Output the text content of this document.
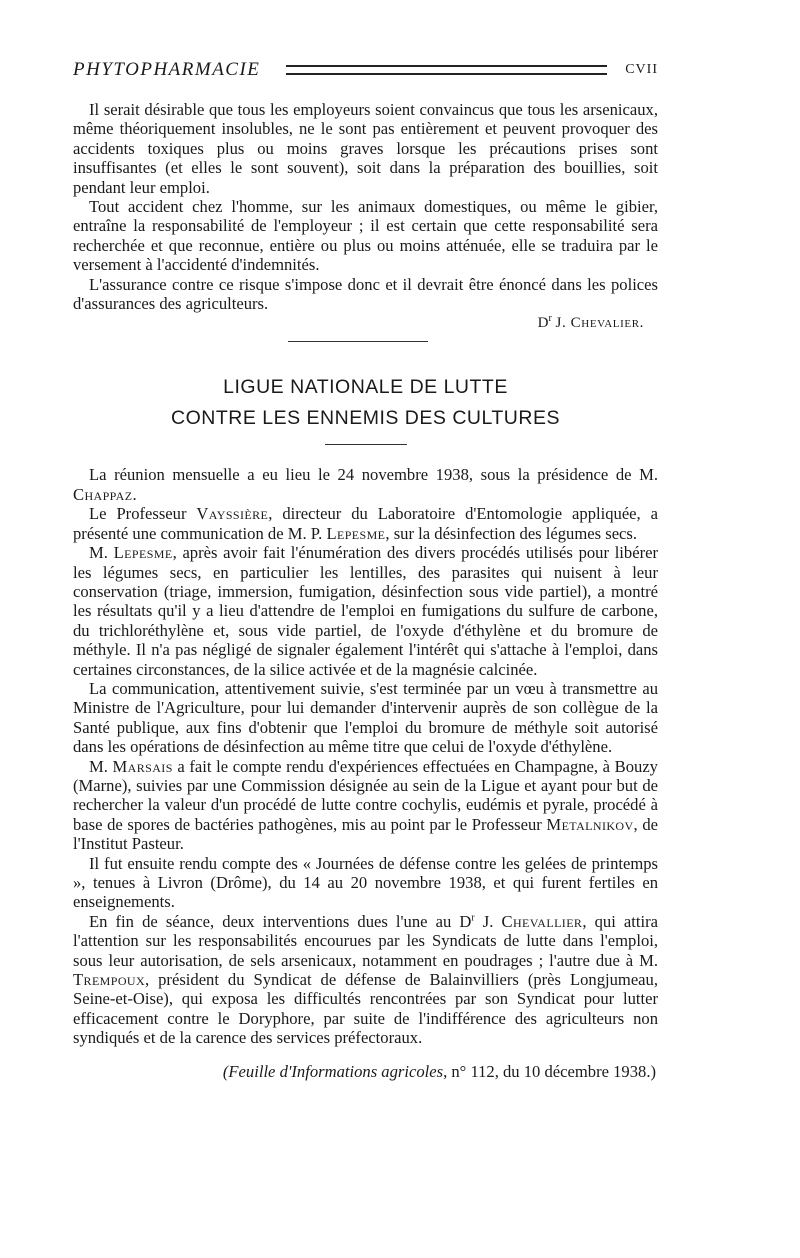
PHYTOPHARMACIE	CVII

Il serait désirable que tous les employeurs soient convaincus que tous les arsenicaux, même théoriquement insolubles, ne le sont pas entièrement et peuvent provoquer des accidents toxiques plus ou moins graves lorsque les précautions prises sont insuffisantes (et elles le sont souvent), soit dans la préparation des bouillies, soit pendant leur emploi.

Tout accident chez l'homme, sur les animaux domestiques, ou même le gibier, entraîne la responsabilité de l'employeur ; il est certain que cette responsabilité sera recherchée et que reconnue, entière ou plus ou moins atténuée, elle se traduira par le versement à l'accidenté d'indemnités.

L'assurance contre ce risque s'impose donc et il devrait être énoncé dans les polices d'assurances des agriculteurs.

$D^r$ J. Chevalier.
LIGUE NATIONALE DE LUTTE
CONTRE LES ENNEMIS DES CULTURES

La réunion mensuelle a eu lieu le 24 novembre 1938, sous la présidence de M. Chappaz.

Le Professeur Vayssière, directeur du Laboratoire d'Entomologie appliquée, a présenté une communication de M. P. Lepesme, sur la désinfection des légumes secs.

M. Lepesme, après avoir fait l'énumération des divers procédés utilisés pour libérer les légumes secs, en particulier les lentilles, des parasites qui nuisent à leur conservation (triage, immersion, fumigation, désinfection sous vide partiel), a montré les résultats qu'il y a lieu d'attendre de l'emploi en fumigations du sulfure de carbone, du trichloréthylène et, sous vide partiel, de l'oxyde d'éthylène et du bromure de méthyle. Il n'a pas négligé de signaler également l'intérêt qui s'attache à l'emploi, dans certaines circonstances, de la silice activée et de la magnésie calcinée.

La communication, attentivement suivie, s'est terminée par un vœu à transmettre au Ministre de l'Agriculture, pour lui demander d'intervenir auprès de son collègue de la Santé publique, aux fins d'obtenir que l'emploi du bromure de méthyle soit autorisé dans les opérations de désinfection au même titre que celui de l'oxyde d'éthylène.

M. Marsais a fait le compte rendu d'expériences effectuées en Champagne, à Bouzy (Marne), suivies par une Commission désignée au sein de la Ligue et ayant pour but de rechercher la valeur d'un procédé de lutte contre cochylis, eudémis et pyrale, procédé à base de spores de bactéries pathogènes, mis au point par le Professeur Metalnikov, de l'Institut Pasteur.

Il fut ensuite rendu compte des « Journées de défense contre les gelées de printemps », tenues à Livron (Drôme), du 14 au 20 novembre 1938, et qui furent fertiles en enseignements.

En fin de séance, deux interventions dues l'une au $D^r$ J. Chevallier, qui attira l'attention sur les responsabilités encourues par les Syndicats de lutte dans l'emploi, sous leur autorisation, de sels arsenicaux, notamment en poudrages ; l'autre due à M. Trempoux, président du Syndicat de défense de Balainvilliers (près Longjumeau, Seine-et-Oise), qui exposa les difficultés rencontrées par son Syndicat pour lutter efficacement contre le Doryphore, par suite de l'indifférence des agriculteurs non syndiqués et de la carence des services préfectoraux.

(Feuille d'Informations agricoles, n° 112, du 10 décembre 1938.)
